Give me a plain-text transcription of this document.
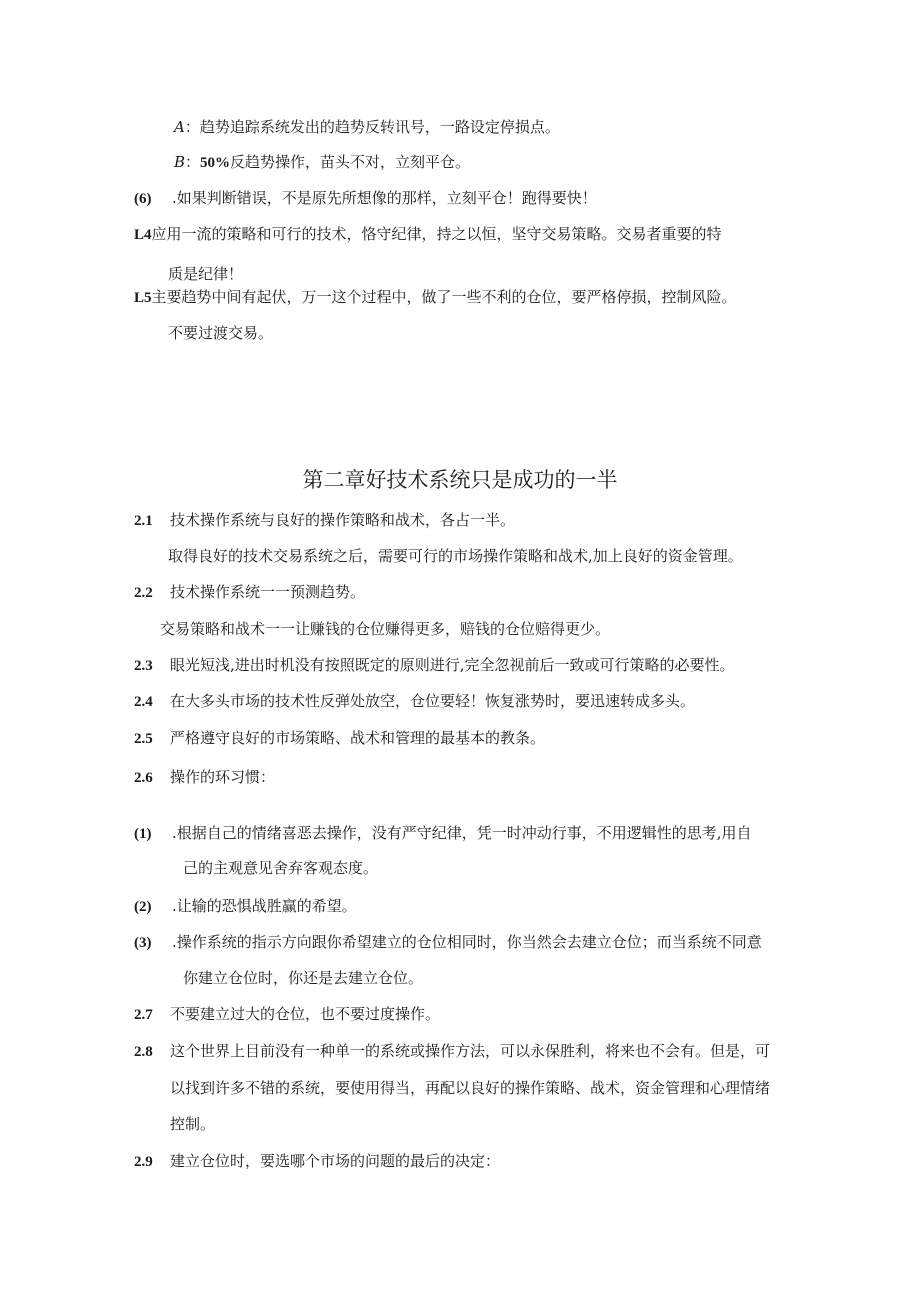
A：趋势追踪系统发出的趋势反转讯号，一路设定停损点。
B：50%反趋势操作，苗头不对，立刻平仓。
(6) .如果判断错误，不是原先所想像的那样，立刻平仓！跑得要快！
L4应用一流的策略和可行的技术，恪守纪律，持之以恒，坚守交易策略。交易者重要的特
质是纪律！
L5主要趋势中间有起伏，万一这个过程中，做了一些不利的仓位，要严格停损，控制风险。
不要过渡交易。
第二章好技术系统只是成功的一半
2.1 技术操作系统与良好的操作策略和战术，各占一半。
取得良好的技术交易系统之后，需要可行的市场操作策略和战术,加上良好的资金管理。
2.2 技术操作系统一一预测趋势。
交易策略和战术一一让赚钱的仓位赚得更多，赔钱的仓位赔得更少。
2.3 眼光短浅,进出时机没有按照既定的原则进行,完全忽视前后一致或可行策略的必要性。
2.4 在大多头市场的技术性反弹处放空，仓位要轻！恢复涨势时，要迅速转成多头。
2.5 严格遵守良好的市场策略、战术和管理的最基本的教条。
2.6 操作的环习惯：
(1) .根据自己的情绪喜恶去操作，没有严守纪律，凭一时冲动行事，不用逻辑性的思考,用自
己的主观意见舍弃客观态度。
(2) .让输的恐惧战胜赢的希望。
(3) .操作系统的指示方向跟你希望建立的仓位相同时，你当然会去建立仓位；而当系统不同意
你建立仓位时，你还是去建立仓位。
2.7 不要建立过大的仓位，也不要过度操作。
2.8 这个世界上目前没有一种单一的系统或操作方法，可以永保胜利，将来也不会有。但是，可
以找到许多不错的系统，要使用得当，再配以良好的操作策略、战术，资金管理和心理情绪
控制。
2.9 建立仓位时，要选哪个市场的问题的最后的决定：
